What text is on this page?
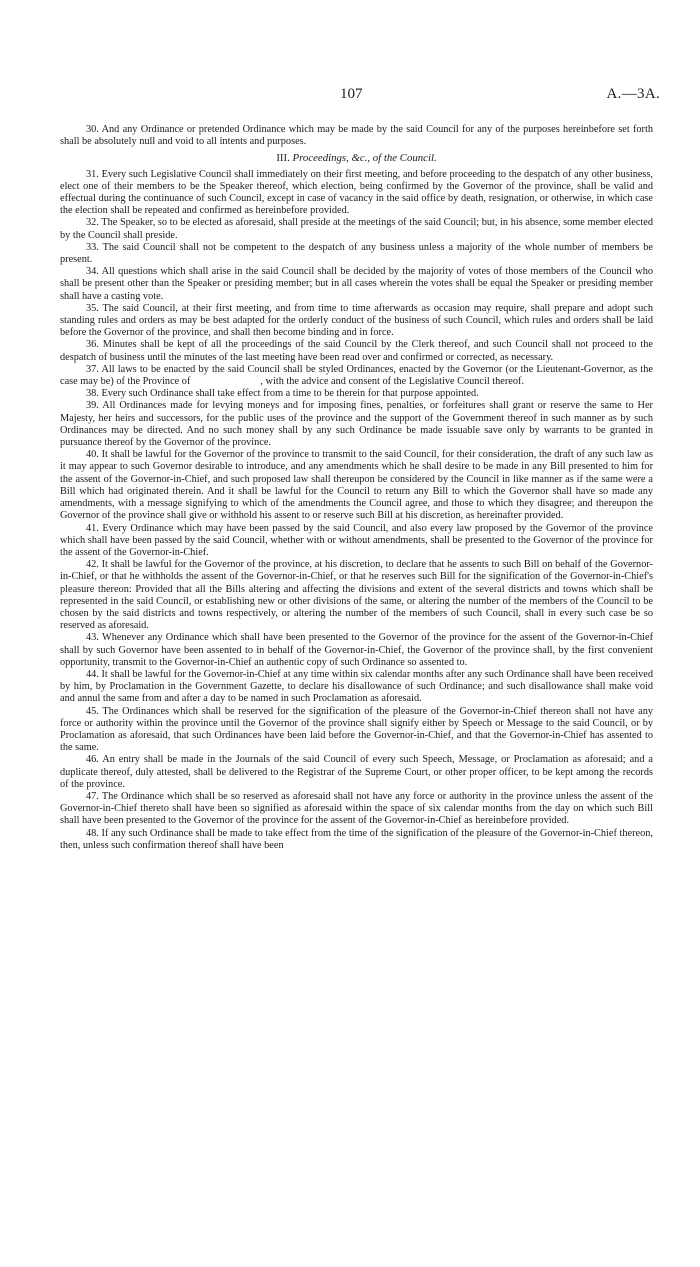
107	A.—3A.

30. And any Ordinance or pretended Ordinance which may be made by the said Council for any of the purposes hereinbefore set forth shall be absolutely null and void to all intents and purposes.

III. Proceedings, &c., of the Council.

31. Every such Legislative Council shall immediately on their first meeting, and before proceeding to the despatch of any other business, elect one of their members to be the Speaker thereof, which election, being confirmed by the Governor of the province, shall be valid and effectual during the continuance of such Council, except in case of vacancy in the said office by death, resignation, or otherwise, in which case the election shall be repeated and confirmed as hereinbefore provided.

32. The Speaker, so to be elected as aforesaid, shall preside at the meetings of the said Council; but, in his absence, some member elected by the Council shall preside.

33. The said Council shall not be competent to the despatch of any business unless a majority of the whole number of members be present.

34. All questions which shall arise in the said Council shall be decided by the majority of votes of those members of the Council who shall be present other than the Speaker or presiding member; but in all cases wherein the votes shall be equal the Speaker or presiding member shall have a casting vote.

35. The said Council, at their first meeting, and from time to time afterwards as occasion may require, shall prepare and adopt such standing rules and orders as may be best adapted for the orderly conduct of the business of such Council, which rules and orders shall be laid before the Governor of the province, and shall then become binding and in force.

36. Minutes shall be kept of all the proceedings of the said Council by the Clerk thereof, and such Council shall not proceed to the despatch of business until the minutes of the last meeting have been read over and confirmed or corrected, as necessary.

37. All laws to be enacted by the said Council shall be styled Ordinances, enacted by the Governor (or the Lieutenant-Governor, as the case may be) of the Province of	, with the advice and consent of the Legislative Council thereof.

38. Every such Ordinance shall take effect from a time to be therein for that purpose appointed.

39. All Ordinances made for levying moneys and for imposing fines, penalties, or forfeitures shall grant or reserve the same to Her Majesty, her heirs and successors, for the public uses of the province and the support of the Government thereof in such manner as by such Ordinances may be directed. And no such money shall by any such Ordinance be made issuable save only by warrants to be granted in pursuance thereof by the Governor of the province.

40. It shall be lawful for the Governor of the province to transmit to the said Council, for their consideration, the draft of any such law as it may appear to such Governor desirable to introduce, and any amendments which he shall desire to be made in any Bill presented to him for the assent of the Governor-in-Chief, and such proposed law shall thereupon be considered by the Council in like manner as if the same were a Bill which had originated therein. And it shall be lawful for the Council to return any Bill to which the Governor shall have so made any amendments, with a message signifying to which of the amendments the Council agree, and those to which they disagree; and thereupon the Governor of the province shall give or withhold his assent to or reserve such Bill at his discretion, as hereinafter provided.

41. Every Ordinance which may have been passed by the said Council, and also every law proposed by the Governor of the province which shall have been passed by the said Council, whether with or without amendments, shall be presented to the Governor of the province for the assent of the Governor-in-Chief.

42. It shall be lawful for the Governor of the province, at his discretion, to declare that he assents to such Bill on behalf of the Governor-in-Chief, or that he withholds the assent of the Governor-in-Chief, or that he reserves such Bill for the signification of the Governor-in-Chief's pleasure thereon: Provided that all the Bills altering and affecting the divisions and extent of the several districts and towns which shall be represented in the said Council, or establishing new or other divisions of the same, or altering the number of the members of the Council to be chosen by the said districts and towns respectively, or altering the number of the members of such Council, shall in every such case be so reserved as aforesaid.

43. Whenever any Ordinance which shall have been presented to the Governor of the province for the assent of the Governor-in-Chief shall by such Governor have been assented to in behalf of the Governor-in-Chief, the Governor of the province shall, by the first convenient opportunity, transmit to the Governor-in-Chief an authentic copy of such Ordinance so assented to.

44. It shall be lawful for the Governor-in-Chief at any time within six calendar months after any such Ordinance shall have been received by him, by Proclamation in the Government Gazette, to declare his disallowance of such Ordinance; and such disallowance shall make void and annul the same from and after a day to be named in such Proclamation as aforesaid.

45. The Ordinances which shall be reserved for the signification of the pleasure of the Governor-in-Chief thereon shall not have any force or authority within the province until the Governor of the province shall signify either by Speech or Message to the said Council, or by Proclamation as aforesaid, that such Ordinances have been laid before the Governor-in-Chief, and that the Governor-in-Chief has assented to the same.

46. An entry shall be made in the Journals of the said Council of every such Speech, Message, or Proclamation as aforesaid; and a duplicate thereof, duly attested, shall be delivered to the Registrar of the Supreme Court, or other proper officer, to be kept among the records of the province.

47. The Ordinance which shall be so reserved as aforesaid shall not have any force or authority in the province unless the assent of the Governor-in-Chief thereto shall have been so signified as aforesaid within the space of six calendar months from the day on which such Bill shall have been presented to the Governor of the province for the assent of the Governor-in-Chief as hereinbefore provided.

48. If any such Ordinance shall be made to take effect from the time of the signification of the pleasure of the Governor-in-Chief thereon, then, unless such confirmation thereof shall have been
